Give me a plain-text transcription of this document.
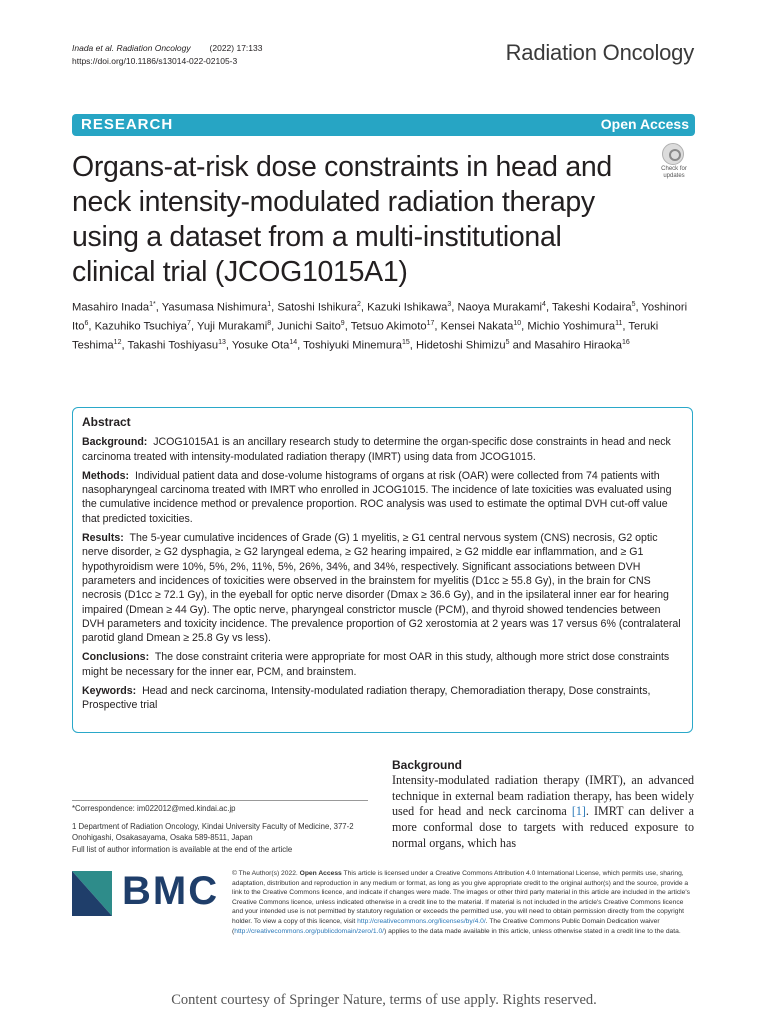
Inada et al. Radiation Oncology (2022) 17:133
https://doi.org/10.1186/s13014-022-02105-3	Radiation Oncology
RESEARCH	Open Access
Organs-at-risk dose constraints in head and neck intensity-modulated radiation therapy using a dataset from a multi-institutional clinical trial (JCOG1015A1)
Check for updates
Masahiro Inada$^{1*}$, Yasumasa Nishimura$^1$, Satoshi Ishikura$^2$, Kazuki Ishikawa$^3$, Naoya Murakami$^4$, Takeshi Kodaira$^5$, Yoshinori Ito$^6$, Kazuhiko Tsuchiya$^7$, Yuji Murakami$^8$, Junichi Saito$^9$, Tetsuo Akimoto$^{17}$, Kensei Nakata$^{10}$, Michio Yoshimura$^{11}$, Teruki Teshima$^{12}$, Takashi Toshiyasu$^{13}$, Yosuke Ota$^{14}$, Toshiyuki Minemura$^{15}$, Hidetoshi Shimizu$^5$ and Masahiro Hiraoka$^{16}$
Abstract

Background: JCOG1015A1 is an ancillary research study to determine the organ-specific dose constraints in head and neck carcinoma treated with intensity-modulated radiation therapy (IMRT) using data from JCOG1015.

Methods: Individual patient data and dose-volume histograms of organs at risk (OAR) were collected from 74 patients with nasopharyngeal carcinoma treated with IMRT who enrolled in JCOG1015. The incidence of late toxicities was evaluated using the cumulative incidence method or prevalence proportion. ROC analysis was used to estimate the optimal DVH cut-off value that predicted toxicities.

Results: The 5-year cumulative incidences of Grade (G) 1 myelitis, ≥ G1 central nervous system (CNS) necrosis, G2 optic nerve disorder, ≥ G2 dysphagia, ≥ G2 laryngeal edema, ≥ G2 hearing impaired, ≥ G2 middle ear inflammation, and ≥ G1 hypothyroidism were 10%, 5%, 2%, 11%, 5%, 26%, 34%, and 34%, respectively. Significant associations between DVH parameters and incidences of toxicities were observed in the brainstem for myelitis (D1cc ≥ 55.8 Gy), in the brain for CNS necrosis (D1cc ≥ 72.1 Gy), in the eyeball for optic nerve disorder (Dmax ≥ 36.6 Gy), and in the ipsilateral inner ear for hearing impaired (Dmean ≥ 44 Gy). The optic nerve, pharyngeal constrictor muscle (PCM), and thyroid showed tendencies between DVH parameters and toxicity incidence. The prevalence proportion of G2 xerostomia at 2 years was 17 versus 6% (contralateral parotid gland Dmean ≥ 25.8 Gy vs less).

Conclusions: The dose constraint criteria were appropriate for most OAR in this study, although more strict dose constraints might be necessary for the inner ear, PCM, and brainstem.

Keywords: Head and neck carcinoma, Intensity-modulated radiation therapy, Chemoradiation therapy, Dose constraints, Prospective trial

*Correspondence: im022012@med.kindai.ac.jp
1 Department of Radiation Oncology, Kindai University Faculty of Medicine, 377-2 Onohigashi, Osakasayama, Osaka 589-8511, Japan
Full list of author information is available at the end of the article
Background
Intensity-modulated radiation therapy (IMRT), an advanced technique in external beam radiation therapy, has been widely used for head and neck carcinoma [1]. IMRT can deliver a more conformal dose to targets with reduced exposure to normal organs, which has
BMC © The Author(s) 2022. Open Access This article is licensed under a Creative Commons Attribution 4.0 International License, which permits use, sharing, adaptation, distribution and reproduction in any medium or format, as long as you give appropriate credit to the original author(s) and the source, provide a link to the Creative Commons licence, and indicate if changes were made. The images or other third party material in this article are included in the article's Creative Commons licence, unless indicated otherwise in a credit line to the material. If material is not included in the article's Creative Commons licence and your intended use is not permitted by statutory regulation or exceeds the permitted use, you will need to obtain permission directly from the copyright holder. To view a copy of this licence, visit http://creativecommons.org/licenses/by/4.0/. The Creative Commons Public Domain Dedication waiver (http://creativecommons.org/publicdomain/zero/1.0/) applies to the data made available in this article, unless otherwise stated in a credit line to the data.
Content courtesy of Springer Nature, terms of use apply. Rights reserved.
